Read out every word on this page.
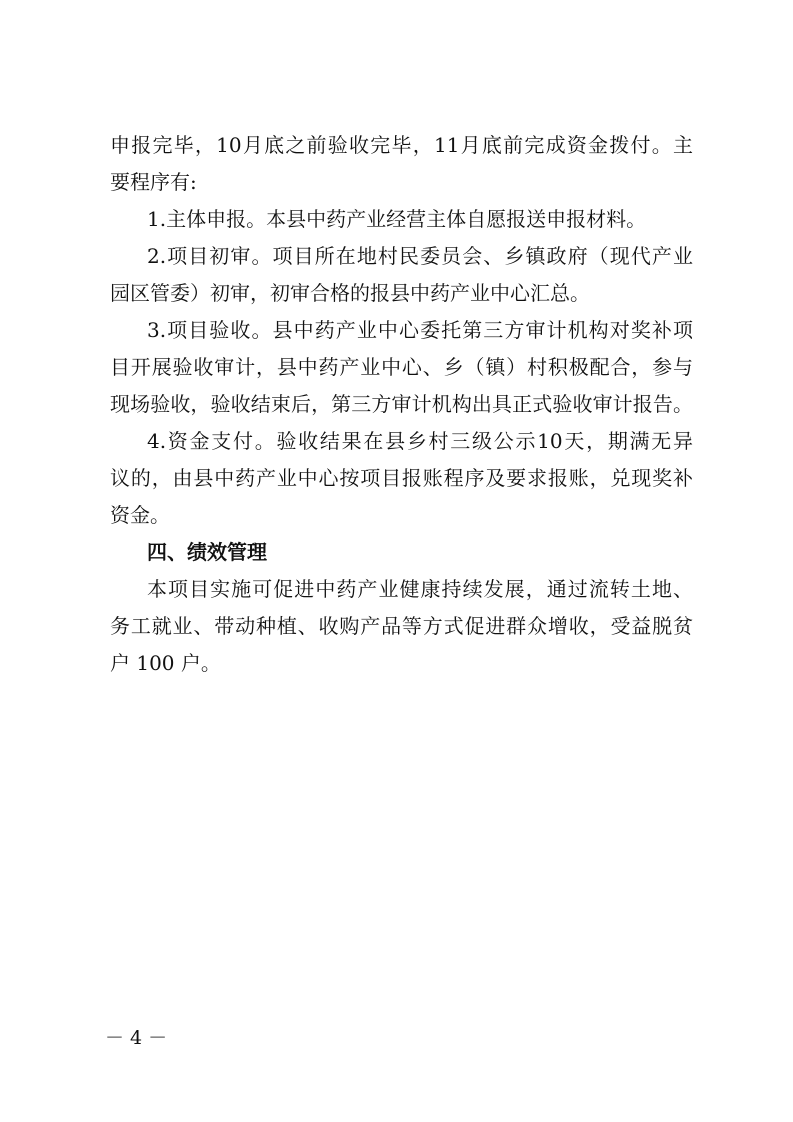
申报完毕，10月底之前验收完毕，11月底前完成资金拨付。主
要程序有:
1.主体申报。本县中药产业经营主体自愿报送申报材料。
2.项目初审。项目所在地村民委员会、乡镇政府（现代产业
园区管委）初审，初审合格的报县中药产业中心汇总。
3.项目验收。县中药产业中心委托第三方审计机构对奖补项
目开展验收审计，县中药产业中心、乡（镇）村积极配合，参与
现场验收，验收结束后，第三方审计机构出具正式验收审计报告。
4.资金支付。验收结果在县乡村三级公示10天，期满无异
议的，由县中药产业中心按项目报账程序及要求报账，兑现奖补
资金。
四、绩效管理
本项目实施可促进中药产业健康持续发展，通过流转土地、
务工就业、带动种植、收购产品等方式促进群众增收，受益脱贫
户 100 户。
－ 4 －
